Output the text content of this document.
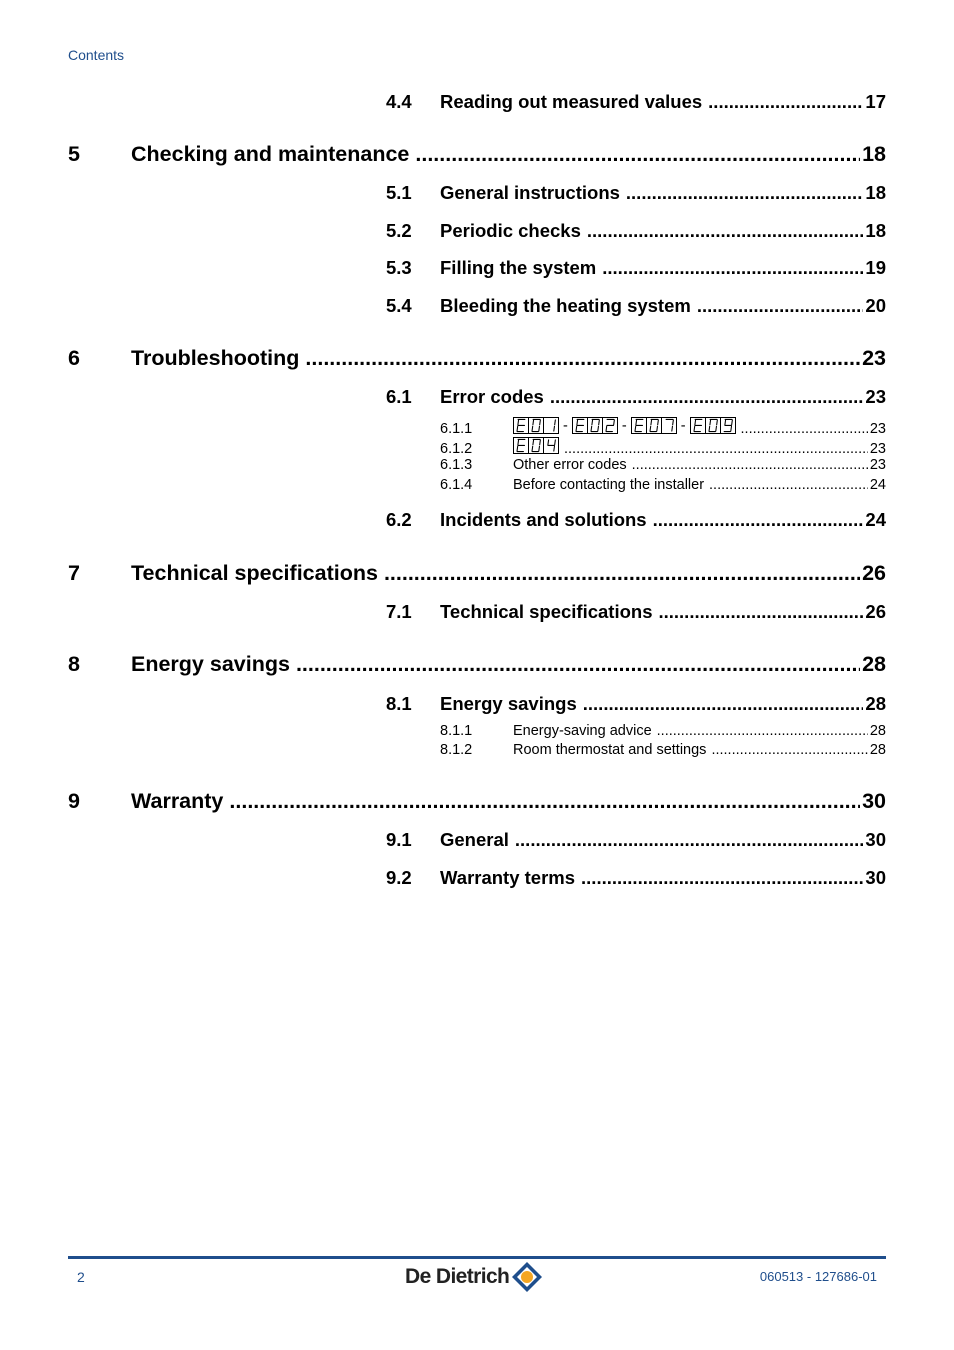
Contents
4.4	Reading out measured values .....	17
5	Checking and maintenance .....	18
5.1	General instructions .....	18
5.2	Periodic checks .....	18
5.3	Filling the system .....	19
5.4	Bleeding the heating system .....	20
6	Troubleshooting .....	23
6.1	Error codes .....	23
6.1.1	-	-	- .....	23
6.1.2 .....	23
6.1.3	Other error codes .....	23
6.1.4	Before contacting the installer .....	24
6.2	Incidents and solutions .....	24
7	Technical specifications .....	26
7.1	Technical specifications .....	26
8	Energy savings .....	28
8.1	Energy savings .....	28
8.1.1	Energy-saving advice .....	28
8.1.2	Room thermostat and settings .....	28
9	Warranty .....	30
9.1	General .....	30
9.2	Warranty terms .....	30
2	De Dietrich	060513 - 127686-01
